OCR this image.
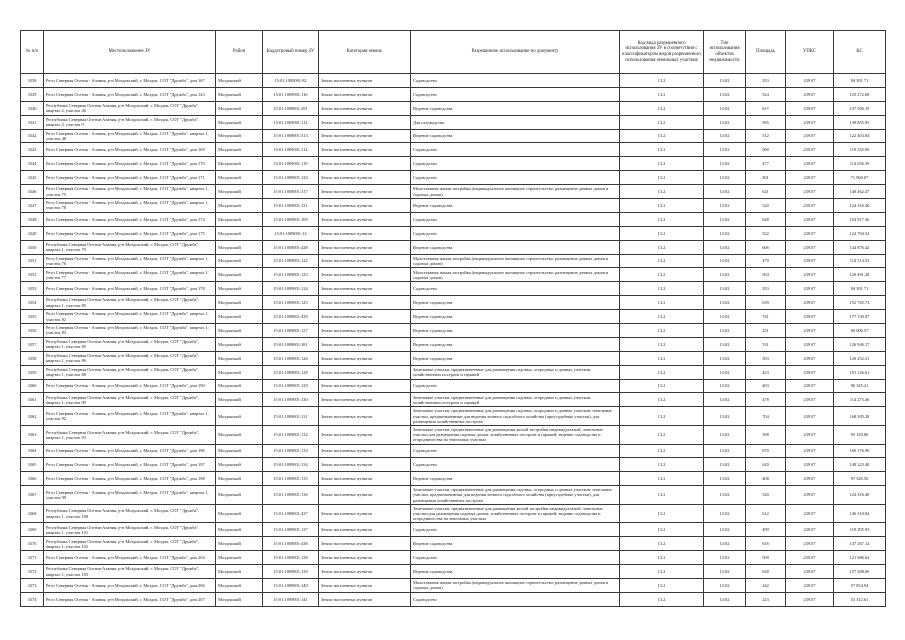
№ п/п	Местоположение ЗУ	Район	Кадастровый номер ЗУ	Категория земель	Разрешенное использование по документу	Код вида разрешенного использования ЗУ в соответствии с классификатором видов разрешенного использования земельных участков	Тип использования объектов недвижимости	Площадь	УПКС	КС
3338	Респ Северная Осетия - Алания, р-н Моздокский, г. Моздок, СОТ "Дружба", дом 167	Моздокский	15:01:1009001:82	Земли населенных пунктов	Садоводство	13.2	13:02	353	239.07	84 391.71
3339	Респ Северная Осетия - Алания, р-н Моздокский, г. Моздок, СОТ "Дружба", дом 143	Моздокский	15:01:1009001:116	Земли населенных пунктов	Садоводство	13.2	13:02	524	239.07	125 272.68
3340	Республика Северная Осетия-Алания, р-н Моздокский, г. Моздок, СОТ "Дружба", квартал 2, участок 46	Моздокский	15:01:1008001:291	Земли населенных пунктов	Ведение садоводства	13.2	13:02	617	239.07	147 506.19
3341	Республика Северная Осетия-Алания, р-н Моздокский, г. Моздок, СОТ "Дружба", квартал 3, участок 9	Моздокский	15:01:1009001:112	Земли населенных пунктов	Для садоводства	13.2	13:02	585	239.07	139 855.95
3342	Респ Северная Осетия - Алания, р-н Моздокский, г. Моздок, СОТ "Дружба", квартал 1, участок 48	Моздокский	15:01:1008001:313	Земли населенных пунктов	Ведение садоводства	13.2	13:02	512	239.07	122 403.84
3343	Респ Северная Осетия - Алания, р-н Моздокский, г. Моздок, СОТ "Дружба", дом 169	Моздокский	15:01:1009001:114	Земли населенных пунктов	Садоводство	13.2	13:02	500	239.07	119 535.00
3344	Респ Северная Осетия - Алания, р-н Моздокский, г. Моздок, СОТ "Дружба", дом 170	Моздокский	15:01:1009001:119	Земли населенных пунктов	Садоводство	13.2	13:02	477	239.07	114 036.39
3345	Респ Северная Осетия - Алания, р-н Моздокский, г. Моздок, СОТ "Дружба", дом 171	Моздокский	15:01:1009001:120	Земли населенных пунктов	Садоводство	13.2	13:02	301	239.07	71 960.07
3346	Респ Северная Осетия - Алания, р-н Моздокский, г. Моздок, СОТ "Дружба", квартал 1, участок 75	Моздокский	15:01:1008001:317	Земли населенных пунктов	Малоэтажная жилая застройка (индивидуальное жилищное строительство; размещение дачных домов и садовых домов)	13.2	13:02	621	239.07	148 462.47
3347	Респ Северная Осетия - Алания, р-н Моздокский, г. Моздок, СОТ "Дружба", квартал 1, участок 78	Моздокский	15:01:1009001:121	Земли населенных пунктов	Ведение садоводства	13.2	13:02	520	239.07	124 316.40
3348	Респ Северная Осетия - Алания, р-н Моздокский, г. Моздок, СОТ "Дружба", дом 174	Моздокский	15:01:1009001:109	Земли населенных пунктов	Садоводство	13.2	13:02	648	239.07	154 917.36
3349	Респ Северная Осетия - Алания, р-н Моздокский, г. Моздок, СОТ "Дружба", дом 175	Моздокский	15:01:1009001:12	Земли населенных пунктов	Садоводство	13.2	13:02	522	239.07	124 794.54
3350	Республика Северная Осетия-Алания, р-н Моздокский, г. Моздок, СОТ "Дружба", квартал 1, участок 70	Моздокский	15:01:1008001:428	Земли населенных пунктов	Ведение садоводства	13.2	13:02	606	239.07	144 876.42
3351	Респ Северная Осетия - Алания, р-н Моздокский, г. Моздок, СОТ "Дружба", квартал 1, участок 76	Моздокский	15:01:1009001:122	Земли населенных пунктов	Малоэтажная жилая застройка (индивидуальное жилищное строительство; размещение дачных домов и садовых домов)	13.2	13:02	479	239.07	114 514.53
3352	Респ Северная Осетия - Алания, р-н Моздокский, г. Моздок, СОТ "Дружба", квартал 1, участок 77	Моздокский	15:01:1009001:123	Земли населенных пунктов	Малоэтажная жилая застройка (индивидуальное жилищное строительство; размещение дачных домов и садовых домов)	13.2	13:02	504	239.07	120 491.28
3353	Респ Северная Осетия - Алания, р-н Моздокский, г. Моздок, СОТ "Дружба", дом 178	Моздокский	15:01:1009001:124	Земли населенных пунктов	Садоводство	13.2	13:02	353	239.07	84 391.71
3354	Республика Северная Осетия-Алания, р-н Моздокский, г. Моздок, СОТ "Дружба", квартал 1, участок 80	Моздокский	15:01:1009001:125	Земли населенных пунктов	Ведение садоводства	13.2	13:02	639	239.07	152 765.73
3355	Респ Северная Осетия - Алания, р-н Моздокский, г. Моздок, СОТ "Дружба", квартал 1, участок 82	Моздокский	15:01:1008001:430	Земли населенных пунктов	Ведение садоводства	13.2	13:02	741	239.07	177 150.87
3356	Респ Северная Осетия - Алания, р-н Моздокский, г. Моздок, СОТ "Дружба", квартал 1, участок 83	Моздокский	15:01:1009001:127	Земли населенных пунктов	Ведение садоводства	13.2	13:02	251	239.07	60 006.57
3357	Республика Северная Осетия-Алания, р-н Моздокский, г. Моздок, СОТ "Дружба", квартал 1, участок 85	Моздокский	15:01:1008001:381	Земли населенных пунктов	Ведение садоводства	13.2	13:02	531	239.07	126 946.17
3358	Республика Северная Осетия-Алания, р-н Моздокский, г. Моздок, СОТ "Дружба", квартал 1, участок 86	Моздокский	15:01:1009001:126	Земли населенных пунктов	Ведение садоводства	13.2	13:02	503	239.07	120 252.21
3359	Республика Северная Осетия-Алания, р-н Моздокский, г. Моздок, СОТ "Дружба", квартал 1, участок 88	Моздокский	15:01:1009001:128	Земли населенных пунктов	Земельные участки, предназначенные для размещения садовых, огородных и дачных участков, хозяйственных построек и гаражей	13.2	13:02	423	239.07	101 126.61
3360	Респ Северная Осетия - Алания, р-н Моздокский, г. Моздок, СОТ "Дружба", дом 190	Моздокский	15:01:1009001:129	Земли населенных пунктов	Садоводство	13.2	13:02	403	239.07	96 345.21
3361	Республика Северная Осетия-Алания, р-н Моздокский, г. Моздок, СОТ "Дружба", квартал 1, участок 90	Моздокский	15:01:1009001:130	Земли населенных пунктов	Земельные участки, предназначенные для размещения садовых, огородных и дачных участков, хозяйственных построек и гаражей	13.2	13:02	478	239.07	114 275.46
3362	Респ Северная Осетия - Алания, р-н Моздокский, г. Моздок, СОТ "Дружба", квартал 1, участок 92	Моздокский	15:01:1009001:131	Земли населенных пунктов	Земельные участки, предназначенные для размещения садовых, огородных и дачных участков; земельные участки, предназначенные для ведения личного подсобного хозяйства (приусадебные участки), для размещения хозяйственных построек	13.2	13:02	704	239.07	168 305.28
3363	Республика Северная Осетия-Алания, р-н Моздокский, г. Моздок, СОТ "Дружба", квартал 1, участок 93	Моздокский	15:01:1009001:132	Земли населенных пунктов	Земельные участки, предназначенные для размещения жилой застройки индивидуальной; земельные участки для размещения садовых домов, хозяйственных построек и гаражей; ведение садоводства и огородничества на земельных участках	13.2	13:02	398	239.07	95 149.86
3364	Респ Северная Осетия - Алания, р-н Моздокский, г. Моздок, СОТ "Дружба", дом 196	Моздокский	15:01:1009001:133	Земли населенных пунктов	Садоводство	13.2	13:02	670	239.07	160 176.90
3365	Респ Северная Осетия - Алания, р-н Моздокский, г. Моздок, СОТ "Дружба", дом 197	Моздокский	15:01:1009001:134	Земли населенных пунктов	Садоводство	13.2	13:02	620	239.07	148 223.40
3366	Респ Северная Осетия - Алания, р-н Моздокский, г. Моздок, СОТ "Дружба", дом 198	Моздокский	15:01:1009001:135	Земли населенных пунктов	Ведение садоводства	13.2	13:02	408	239.07	97 540.56
3367	Респ Северная Осетия - Алания, р-н Моздокский, г. Моздок, СОТ "Дружба", квартал 1, участок 99	Моздокский	15:01:1009001:136	Земли населенных пунктов	Земельные участки, предназначенные для размещения садовых, огородных и дачных участков; земельные участки, предназначенные для ведения личного подсобного хозяйства (приусадебные участки), для размещения хозяйственных построек	13.2	13:02	520	239.07	124 316.40
3368	Республика Северная Осетия-Алания, р-н Моздокский, г. Моздок, СОТ "Дружба", квартал 1, участок 100	Моздокский	15:01:1008001:437	Земли населенных пунктов	Земельные участки, предназначенные для размещения жилой застройки индивидуальной; земельные участки для размещения садовых домов, хозяйственных построек и гаражей; ведение садоводства и огородничества на земельных участках	13.2	13:02	612	239.07	146 310.84
3369	Республика Северная Осетия-Алания, р-н Моздокский, г. Моздок, СОТ "Дружба", квартал 1, участок 101	Моздокский	15:01:1009001:137	Земли населенных пунктов	Садоводство	13.2	13:02	499	239.07	119 295.93
3370	Республика Северная Осетия-Алания, р-н Моздокский, г. Моздок, СОТ "Дружба", квартал 1, участок 102	Моздокский	15:01:1008001:438	Земли населенных пунктов	Ведение садоводства	13.2	13:02	616	239.07	147 267.12
3371	Респ Северная Осетия - Алания, р-н Моздокский, г. Моздок, СОТ "Дружба", дом 204	Моздокский	15:01:1009001:138	Земли населенных пунктов	Садоводство	13.2	13:02	509	239.07	121 686.63
3372	Республика Северная Осетия-Алания, р-н Моздокский, г. Моздок, СОТ "Дружба", квартал 1, участок 105	Моздокский	15:01:1009001:139	Земли населенных пунктов	Ведение садоводства	13.2	13:02	658	239.07	157 308.06
3373	Респ Северная Осетия - Алания, р-н Моздокский, г. Моздок, СОТ "Дружба", дом 206	Моздокский	15:01:1009001:140	Земли населенных пунктов	Малоэтажная жилая застройка (индивидуальное жилищное строительство; размещение дачных домов и садовых домов)	13.2	13:02	242	239.07	57 854.94
3374	Респ Северная Осетия - Алания, р-н Моздокский, г. Моздок, СОТ "Дружба", дом 207	Моздокский	15:01:1009001:141	Земли населенных пунктов	Садоводство	13.2	13:02	223	239.07	53 312.61
